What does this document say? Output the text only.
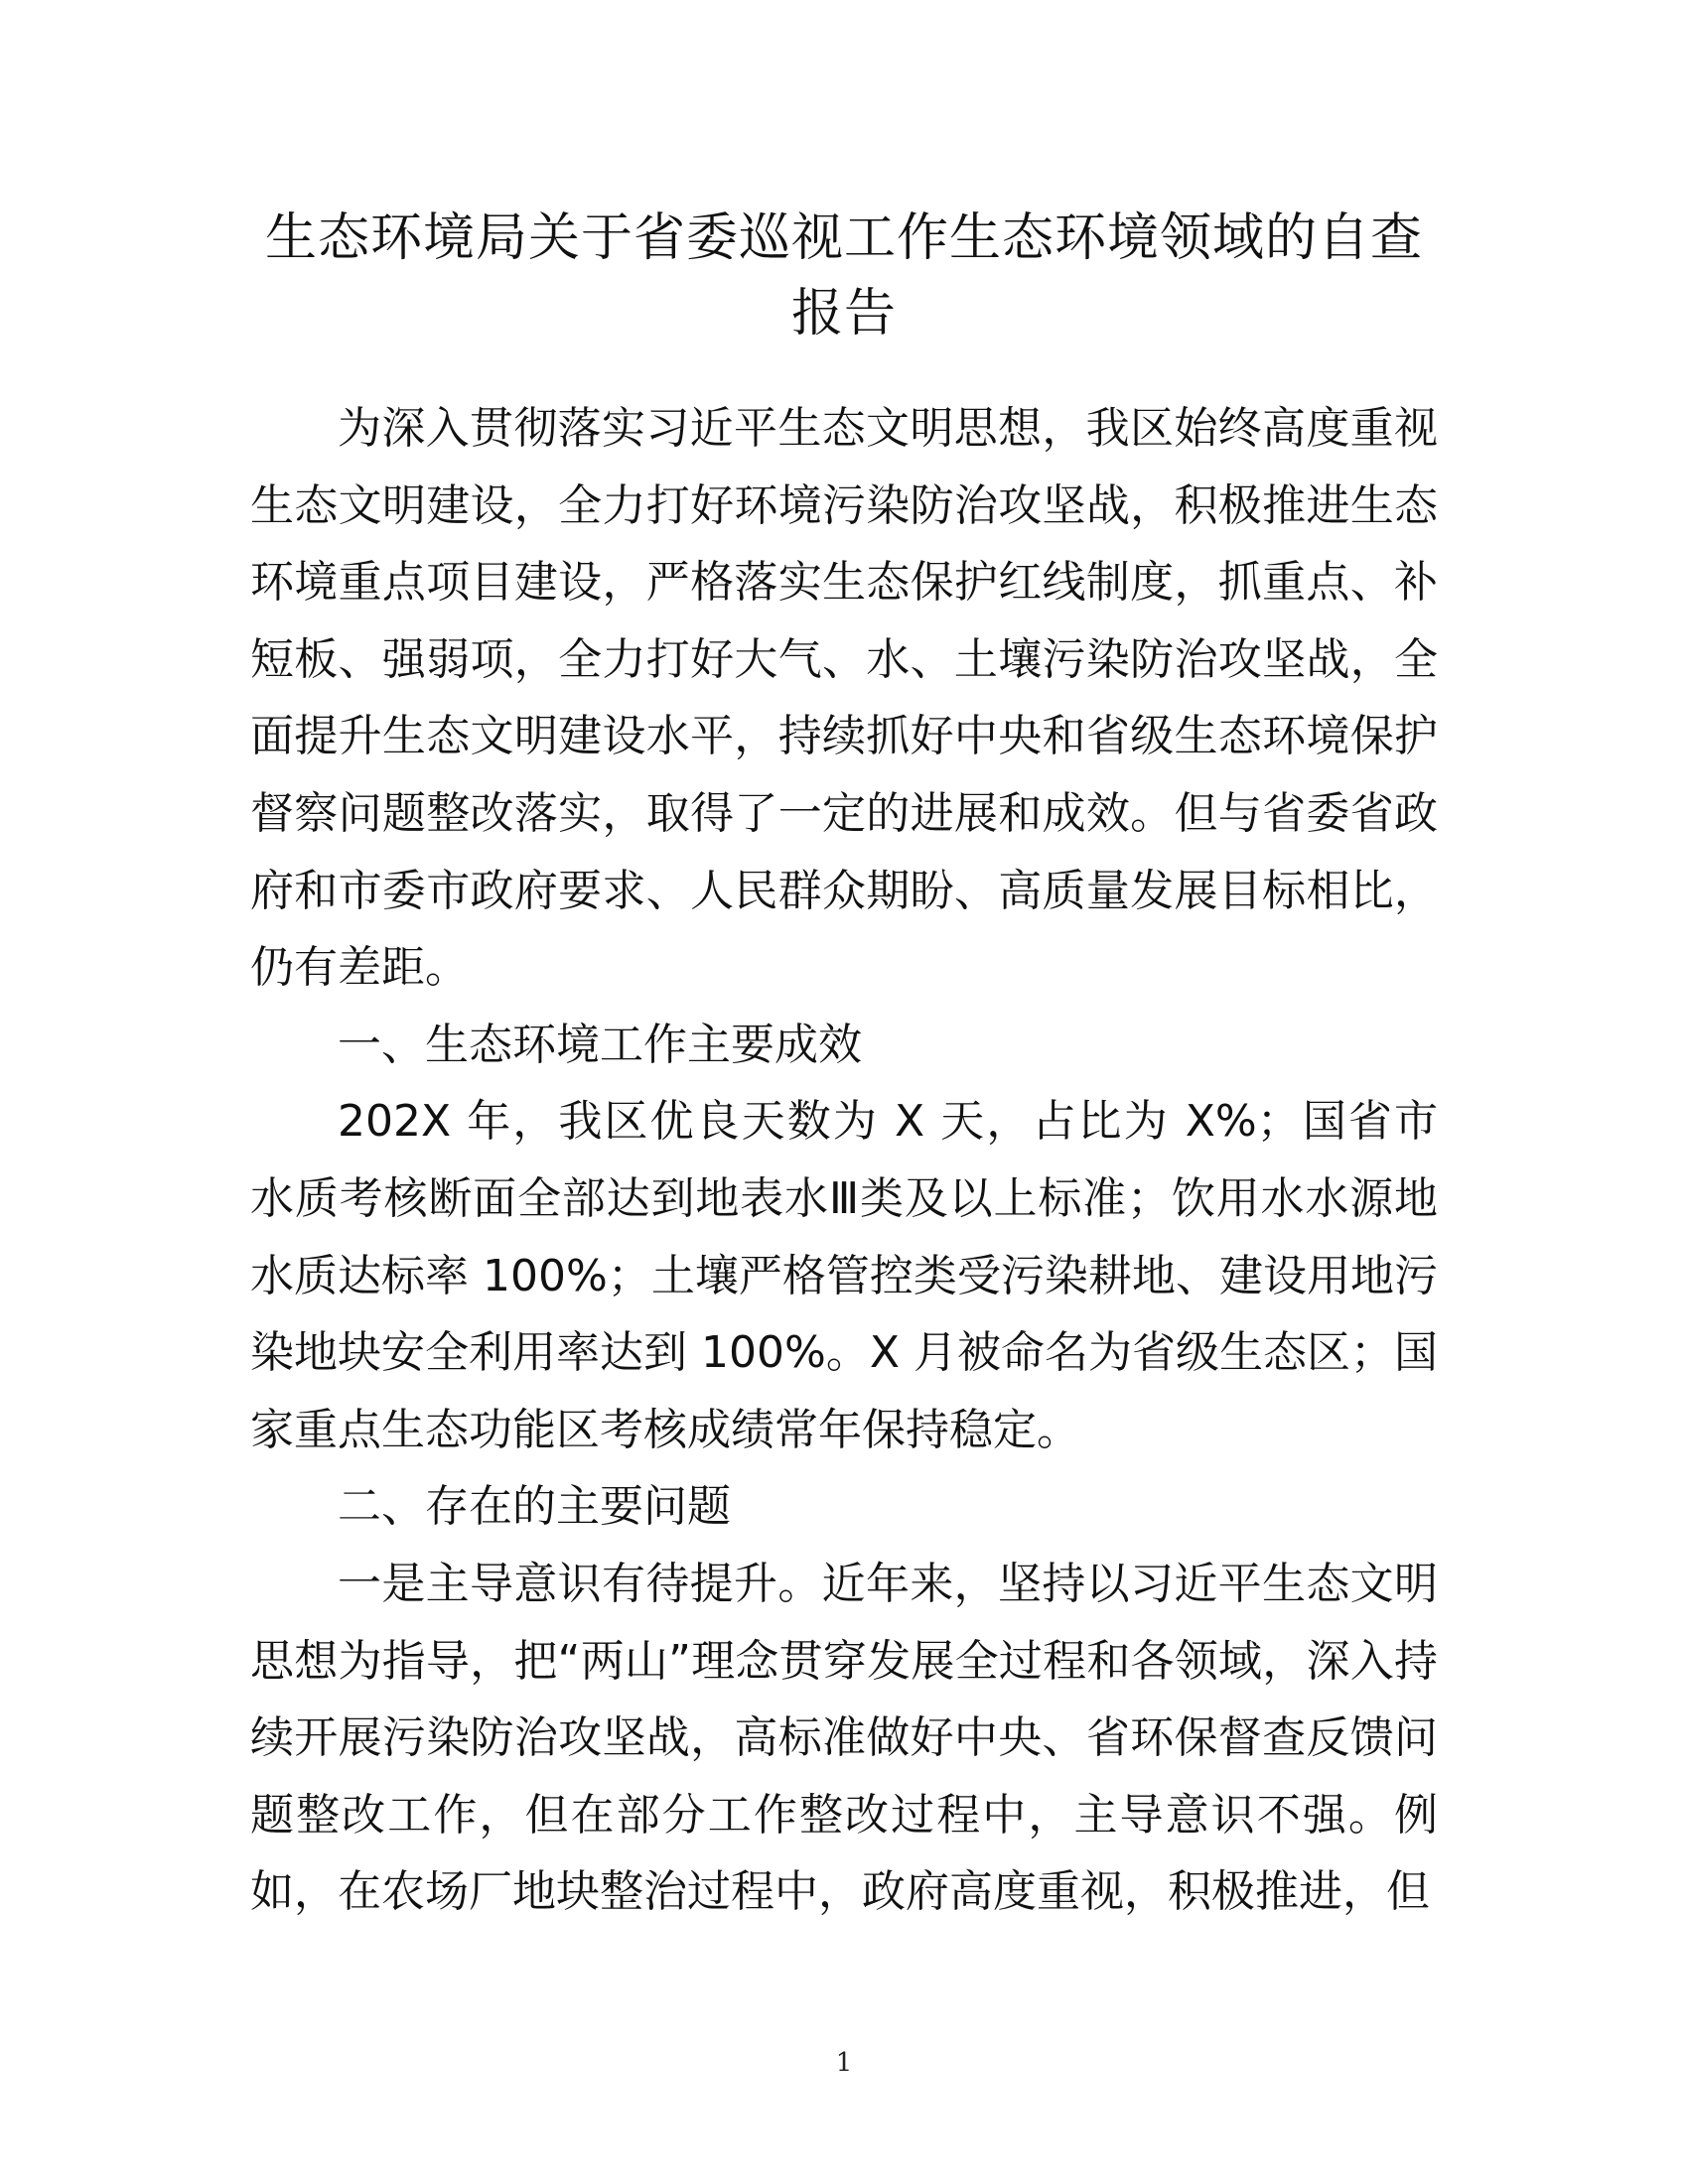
生态环境局关于省委巡视工作生态环境领域的自查报告

为深入贯彻落实习近平生态文明思想，我区始终高度重视生态文明建设，全力打好环境污染防治攻坚战，积极推进生态环境重点项目建设，严格落实生态保护红线制度，抓重点、补短板、强弱项，全力打好大气、水、土壤污染防治攻坚战，全面提升生态文明建设水平，持续抓好中央和省级生态环境保护督察问题整改落实，取得了一定的进展和成效。但与省委省政府和市委市政府要求、人民群众期盼、高质量发展目标相比，仍有差距。

一、生态环境工作主要成效

202X 年，我区优良天数为 X 天，占比为 X%；国省市水质考核断面全部达到地表水Ⅲ类及以上标准；饮用水水源地水质达标率 100%；土壤严格管控类受污染耕地、建设用地污染地块安全利用率达到 100%。X 月被命名为省级生态区；国家重点生态功能区考核成绩常年保持稳定。

二、存在的主要问题

一是主导意识有待提升。近年来，坚持以习近平生态文明思想为指导，把“两山”理念贯穿发展全过程和各领域，深入持续开展污染防治攻坚战，高标准做好中央、省环保督查反馈问题整改工作，但在部分工作整改过程中，主导意识不强。例如，在农场厂地块整治过程中，政府高度重视，积极推进，但

1
